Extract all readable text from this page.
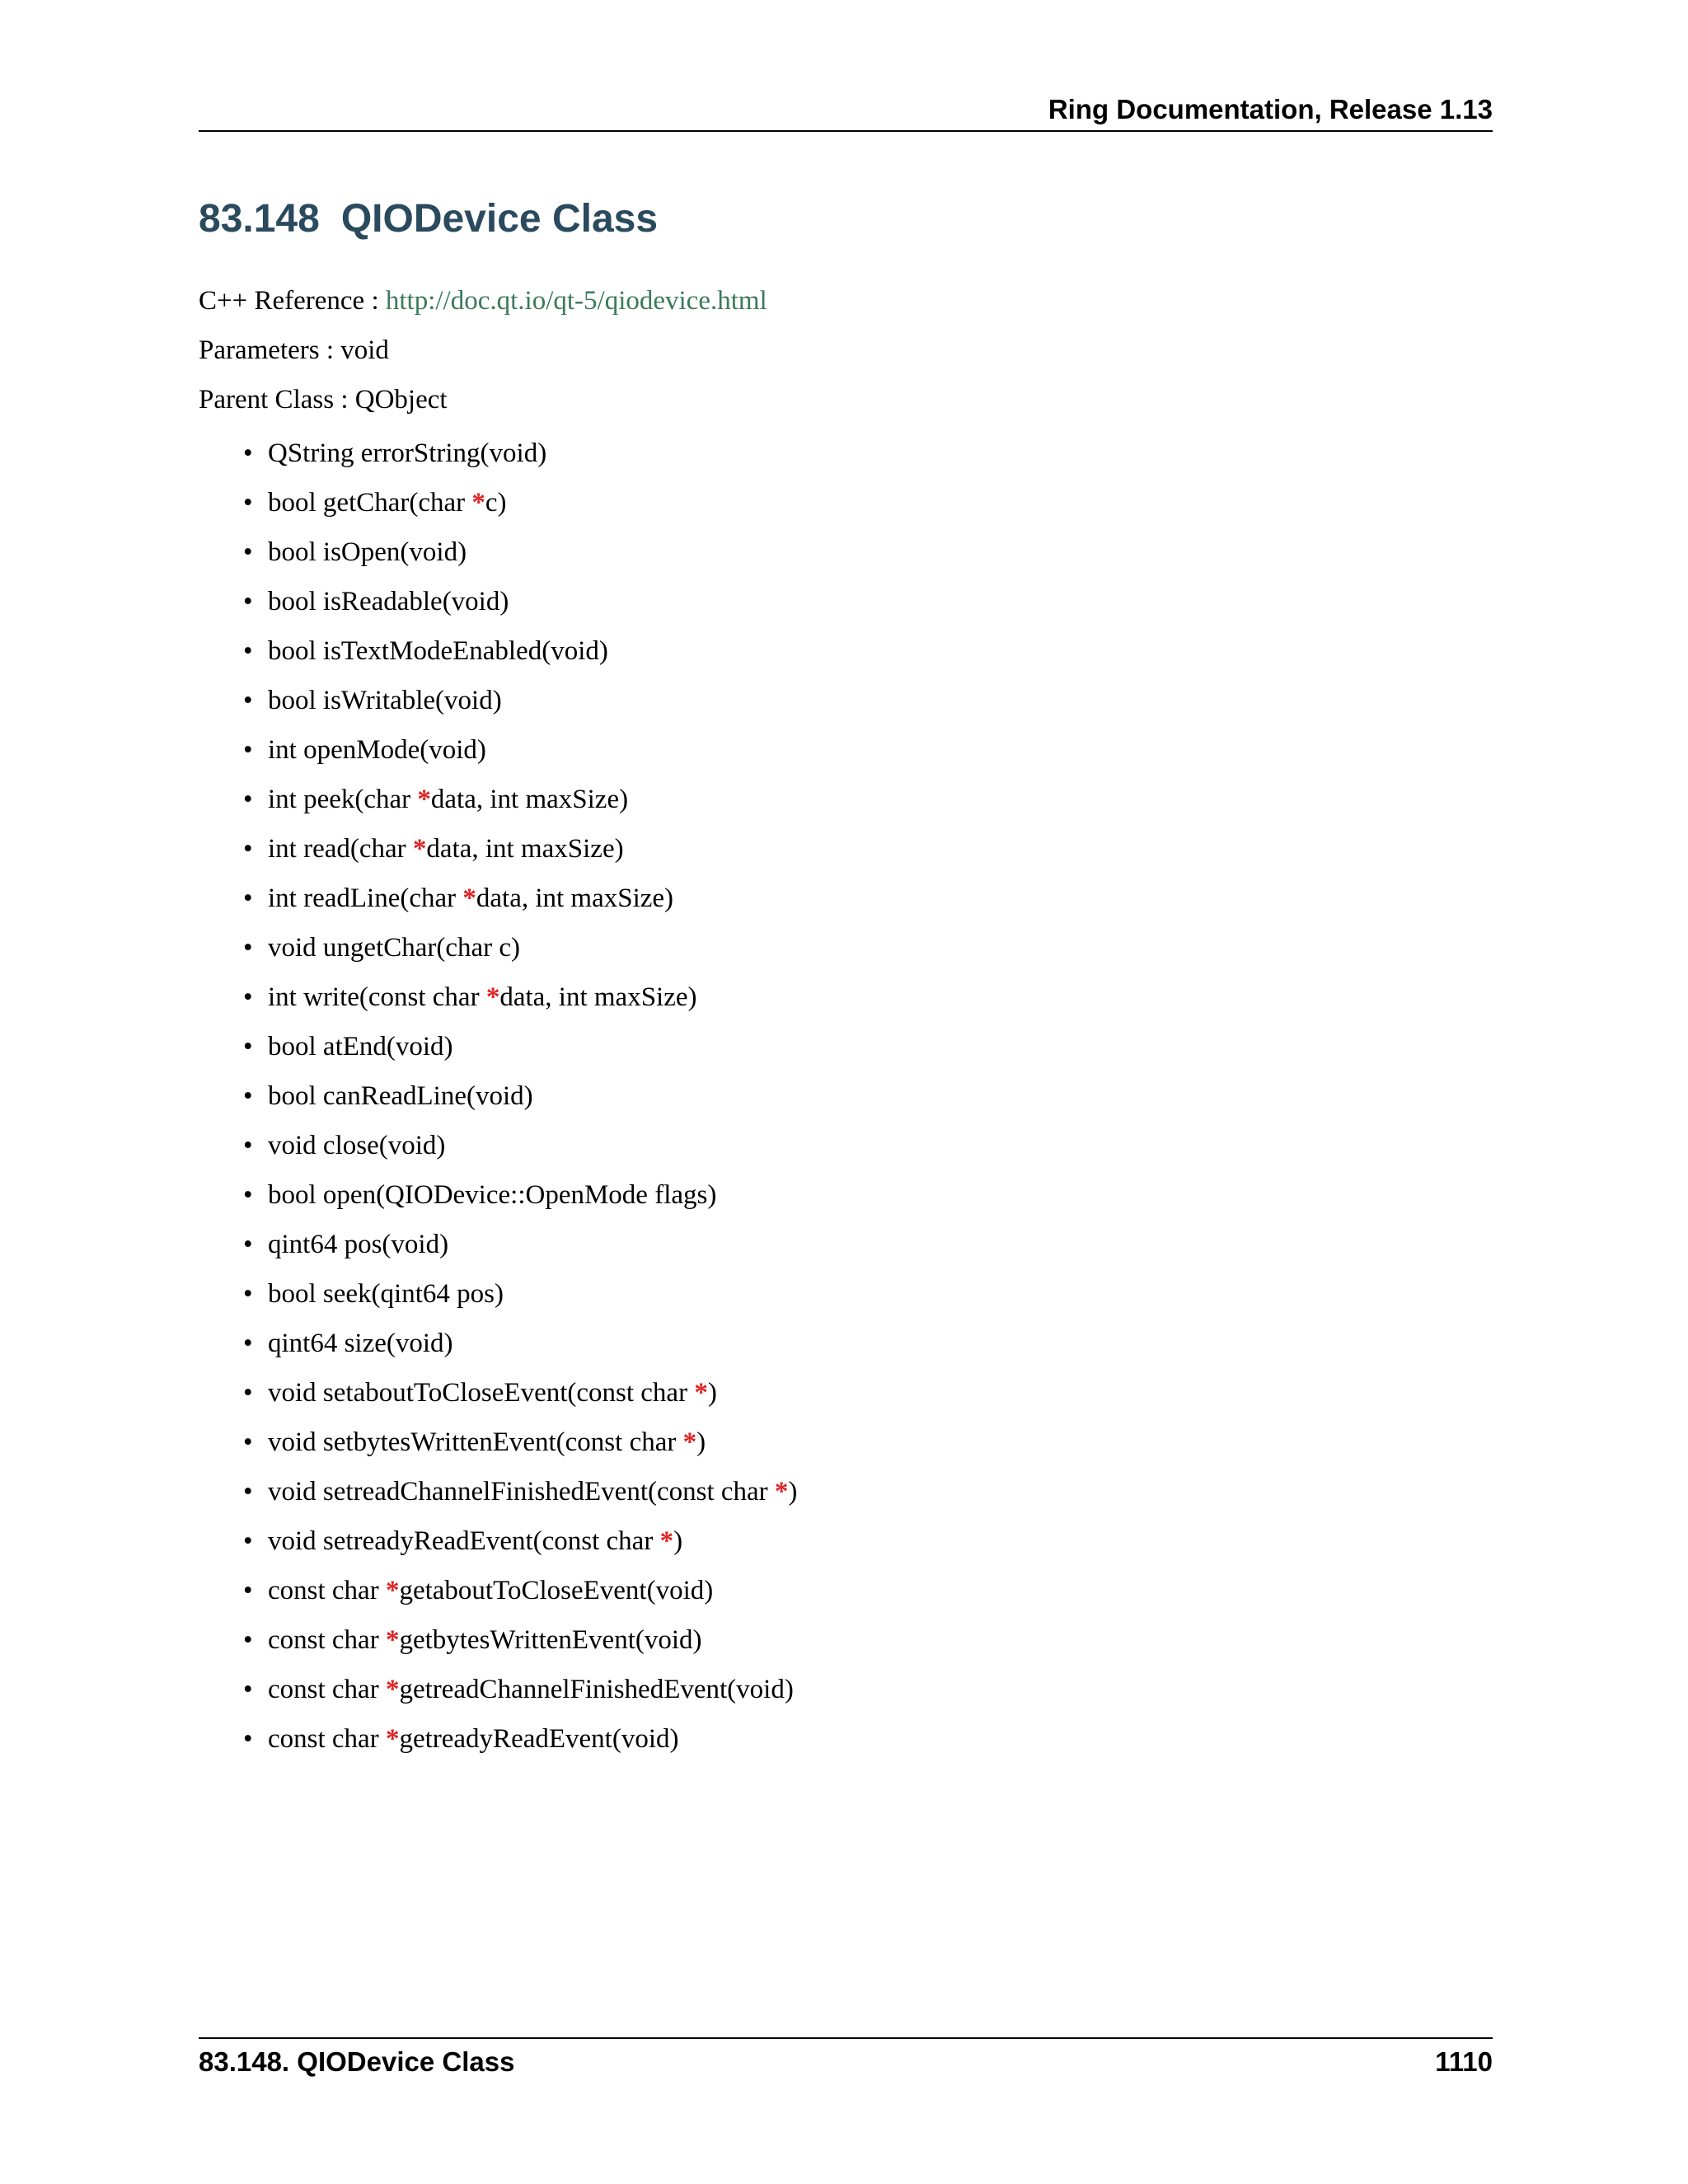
Ring Documentation, Release 1.13
83.148 QIODevice Class
C++ Reference : http://doc.qt.io/qt-5/qiodevice.html
Parameters : void
Parent Class : QObject
• QString errorString(void)
• bool getChar(char *c)
• bool isOpen(void)
• bool isReadable(void)
• bool isTextModeEnabled(void)
• bool isWritable(void)
• int openMode(void)
• int peek(char *data, int maxSize)
• int read(char *data, int maxSize)
• int readLine(char *data, int maxSize)
• void ungetChar(char c)
• int write(const char *data, int maxSize)
• bool atEnd(void)
• bool canReadLine(void)
• void close(void)
• bool open(QIODevice::OpenMode flags)
• qint64 pos(void)
• bool seek(qint64 pos)
• qint64 size(void)
• void setaboutToCloseEvent(const char *)
• void setbytesWrittenEvent(const char *)
• void setreadChannelFinishedEvent(const char *)
• void setreadyReadEvent(const char *)
• const char *getaboutToCloseEvent(void)
• const char *getbytesWrittenEvent(void)
• const char *getreadChannelFinishedEvent(void)
• const char *getreadyReadEvent(void)
83.148. QIODevice Class	1110
